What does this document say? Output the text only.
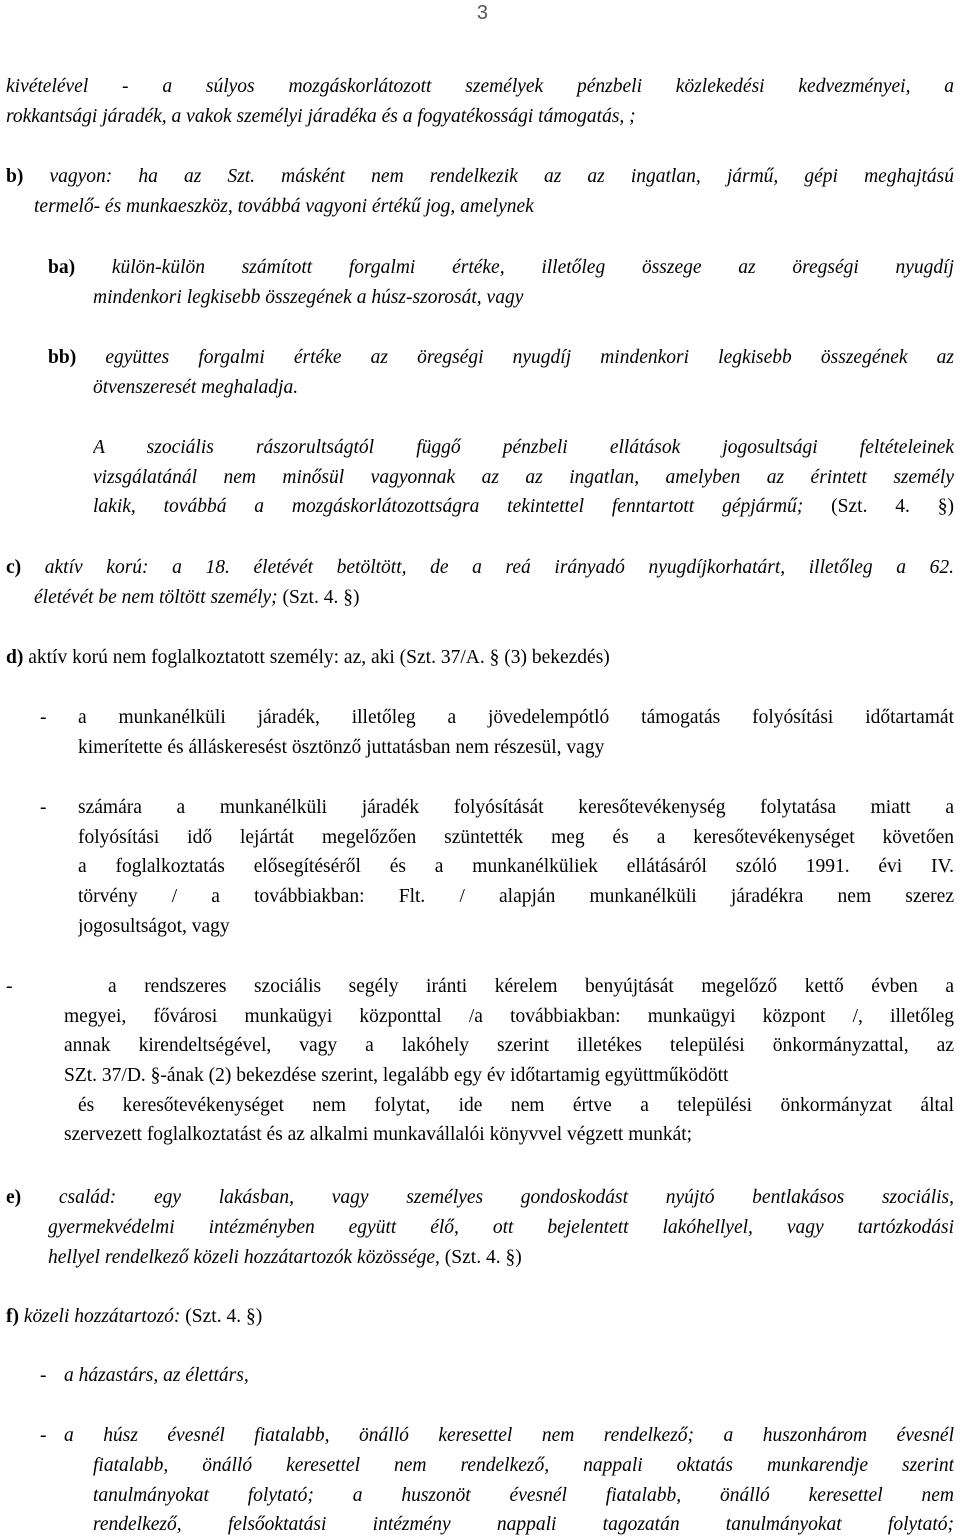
3
kivételével - a súlyos mozgáskorlátozott személyek pénzbeli közlekedési kedvezményei, a
rokkantsági járadék, a vakok személyi járadéka és a fogyatékossági támogatás, ;
b) vagyon: ha az Szt. másként nem rendelkezik az az ingatlan, jármű, gépi meghajtású
termelő- és munkaeszköz, továbbá vagyoni értékű jog, amelynek
ba) külön-külön számított forgalmi értéke, illetőleg összege az öregségi nyugdíj
mindenkori legkisebb összegének a húsz-szorosát, vagy
bb) együttes forgalmi értéke az öregségi nyugdíj mindenkori legkisebb összegének az
ötvenszeresét meghaladja.
A szociális rászorultságtól függő pénzbeli ellátások jogosultsági feltételeinek
vizsgálatánál nem minősül vagyonnak az az ingatlan, amelyben az érintett személy
lakik, továbbá a mozgáskorlátozottságra tekintettel fenntartott gépjármű; (Szt. 4. §)
c) aktív korú: a 18. életévét betöltött, de a reá irányadó nyugdíjkorhatárt, illetőleg a 62.
életévét be nem töltött személy; (Szt. 4. §)
d) aktív korú nem foglalkoztatott személy: az, aki (Szt. 37/A. § (3) bekezdés)
- a munkanélküli járadék, illetőleg a jövedelempótló támogatás folyósítási időtartamát
kimerítette és álláskeresést ösztönző juttatásban nem részesül, vagy
- számára a munkanélküli járadék folyósítását keresőtevékenység folytatása miatt a
folyósítási idő lejártát megelőzően szüntették meg és a keresőtevékenységet követően
a foglalkoztatás elősegítéséről és a munkanélküliek ellátásáról szóló 1991. évi IV.
törvény / a továbbiakban: Flt. / alapján munkanélküli járadékra nem szerez
jogosultságot, vagy
-	a rendszeres szociális segély iránti kérelem benyújtását megelőző kettő évben a
megyei, fővárosi munkaügyi központtal /a továbbiakban: munkaügyi központ /, illetőleg
annak kirendeltségével, vagy a lakóhely szerint illetékes települési önkormányzattal, az
SZt. 37/D. §-ának (2) bekezdése szerint, legalább egy év időtartamig együttműködött
és keresőtevékenységet nem folytat, ide nem értve a települési önkormányzat által
szervezett foglalkoztatást és az alkalmi munkavállalói könyvvel végzett munkát;
e) család: egy lakásban, vagy személyes gondoskodást nyújtó bentlakásos szociális,
gyermekvédelmi intézményben együtt élő, ott bejelentett lakóhellyel, vagy tartózkodási
hellyel rendelkező közeli hozzátartozók közössége, (Szt. 4. §)
f) közeli hozzátartozó: (Szt. 4. §)
- a házastárs, az élettárs,
- a húsz évesnél fiatalabb, önálló keresettel nem rendelkező; a huszonhárom évesnél
fiatalabb, önálló keresettel nem rendelkező, nappali oktatás munkarendje szerint
tanulmányokat folytató; a huszonöt évesnél fiatalabb, önálló keresettel nem
rendelkező, felsőoktatási intézmény nappali tagozatán tanulmányokat folytató;
